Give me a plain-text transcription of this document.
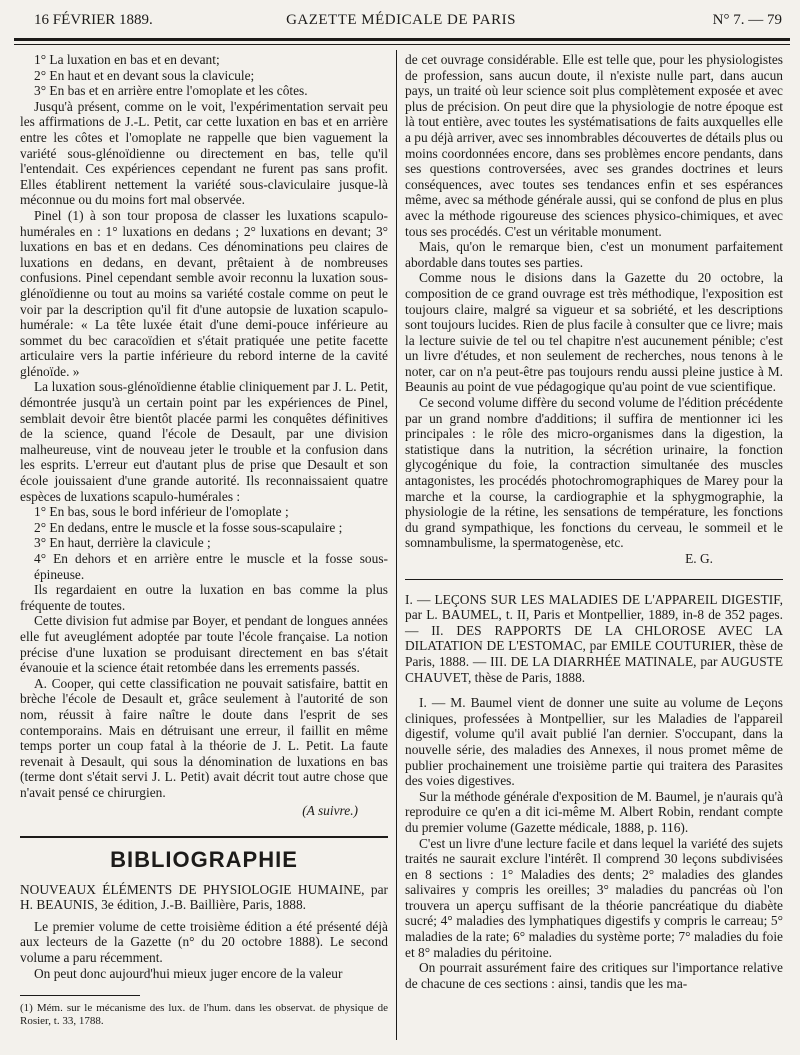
16 FÉVRIER 1889.	GAZETTE MÉDICALE DE PARIS	N° 7. — 79

1° La luxation en bas et en devant;

2° En haut et en devant sous la clavicule;

3° En bas et en arrière entre l'omoplate et les côtes.

Jusqu'à présent, comme on le voit, l'expérimentation servait peu les affirmations de J.-L. Petit, car cette luxation en bas et en arrière entre les côtes et l'omoplate ne rappelle que bien vaguement la variété sous-glénoïdienne ou directement en bas, telle qu'il l'entendait. Ces expériences cependant ne furent pas sans profit. Elles établirent nettement la variété sous-claviculaire jusque-là méconnue ou du moins fort mal observée.

Pinel (1) à son tour proposa de classer les luxations scapulo-humérales en : 1° luxations en dedans ; 2° luxations en devant; 3° luxations en bas et en dedans. Ces dénominations peu claires de luxations en dedans, en devant, prêtaient à de nombreuses confusions. Pinel cependant semble avoir reconnu la luxation sous-glénoïdienne ou tout au moins sa variété costale comme on peut le voir par la description qu'il fit d'une autopsie de luxation scapulo-humérale: « La tête luxée était d'une demi-pouce inférieure au sommet du bec caracoïdien et s'était pratiquée une petite facette articulaire vers la partie inférieure du rebord interne de la cavité glénoïde. »

La luxation sous-glénoïdienne établie cliniquement par J. L. Petit, démontrée jusqu'à un certain point par les expériences de Pinel, semblait devoir être bientôt placée parmi les conquêtes définitives de la science, quand l'école de Desault, par une division malheureuse, vint de nouveau jeter le trouble et la confusion dans les esprits. L'erreur eut d'autant plus de prise que Desault et son école jouissaient d'une grande autorité. Ils reconnaissaient quatre espèces de luxations scapulo-humérales :

1° En bas, sous le bord inférieur de l'omoplate ;

2° En dedans, entre le muscle et la fosse sous-scapulaire ;

3° En haut, derrière la clavicule ;

4° En dehors et en arrière entre le muscle et la fosse sous-épineuse.

Ils regardaient en outre la luxation en bas comme la plus fréquente de toutes.

Cette division fut admise par Boyer, et pendant de longues années elle fut aveuglément adoptée par toute l'école française. La notion précise d'une luxation se produisant directement en bas s'était évanouie et la science était retombée dans les errements passés.

A. Cooper, qui cette classification ne pouvait satisfaire, battit en brèche l'école de Desault et, grâce seulement à l'autorité de son nom, réussit à faire naître le doute dans l'esprit de ses contemporains. Mais en détruisant une erreur, il faillit en même temps porter un coup fatal à la théorie de J. L. Petit. La faute revenait à Desault, qui sous la dénomination de luxations en bas (terme dont s'était servi J. L. Petit) avait décrit tout autre chose que n'avait pensé ce chirurgien.

(A suivre.)

BIBLIOGRAPHIE

NOUVEAUX ÉLÉMENTS DE PHYSIOLOGIE HUMAINE, par H. BEAUNIS, 3e édition, J.-B. Baillière, Paris, 1888.

Le premier volume de cette troisième édition a été présenté déjà aux lecteurs de la Gazette (n° du 20 octobre 1888). Le second volume a paru récemment.

On peut donc aujourd'hui mieux juger encore de la valeur

(1) Mém. sur le mécanisme des lux. de l'hum. dans les observat. de physique de Rosier, t. 33, 1788.

de cet ouvrage considérable. Elle est telle que, pour les physiologistes de profession, sans aucun doute, il n'existe nulle part, dans aucun pays, un traité où leur science soit plus complètement exposée et avec plus de précision. On peut dire que la physiologie de notre époque est là tout entière, avec toutes les systématisations de faits auxquelles elle a pu déjà arriver, avec ses innombrables découvertes de détails plus ou moins coordonnées encore, dans ses problèmes encore pendants, dans ses questions controversées, avec ses grandes doctrines et leurs conséquences, avec toutes ses tendances enfin et ses espérances même, avec sa méthode générale aussi, qui se confond de plus en plus avec la méthode rigoureuse des sciences physico-chimiques, et avec tous ses procédés. C'est un véritable monument.

Mais, qu'on le remarque bien, c'est un monument parfaitement abordable dans toutes ses parties.

Comme nous le disions dans la Gazette du 20 octobre, la composition de ce grand ouvrage est très méthodique, l'exposition est toujours claire, malgré sa vigueur et sa sobriété, et les descriptions sont toujours lucides. Rien de plus facile à consulter que ce livre; mais la lecture suivie de tel ou tel chapitre n'est aucunement pénible; c'est un livre d'études, et non seulement de recherches, nous tenons à le noter, car on n'a peut-être pas toujours rendu aussi pleine justice à M. Beaunis au point de vue pédagogique qu'au point de vue scientifique.

Ce second volume diffère du second volume de l'édition précédente par un grand nombre d'additions; il suffira de mentionner ici les principales : le rôle des micro-organismes dans la digestion, la statistique dans la nutrition, la sécrétion urinaire, la fonction glycogénique du foie, la contraction simultanée des muscles antagonistes, les procédés photochromographiques de Marey pour la marche et la course, la cardiographie et la sphygmographie, la physiologie de la rétine, les sensations de température, les fonctions du grand sympathique, les fonctions du cerveau, le sommeil et le somnambulisme, la spermatogenèse, etc.

E. G.

I. — LEÇONS SUR LES MALADIES DE L'APPAREIL DIGESTIF, par L. BAUMEL, t. II, Paris et Montpellier, 1889, in-8 de 352 pages. — II. DES RAPPORTS DE LA CHLOROSE AVEC LA DILATATION DE L'ESTOMAC, par EMILE COUTURIER, thèse de Paris, 1888. — III. DE LA DIARRHÉE MATINALE, par AUGUSTE CHAUVET, thèse de Paris, 1888.

I. — M. Baumel vient de donner une suite au volume de Leçons cliniques, professées à Montpellier, sur les Maladies de l'appareil digestif, volume qu'il avait publié l'an dernier. S'occupant, dans la nouvelle série, des maladies des Annexes, il nous promet même de publier prochainement une troisième partie qui traitera des Parasites des voies digestives.

Sur la méthode générale d'exposition de M. Baumel, je n'aurais qu'à reproduire ce qu'en a dit ici-même M. Albert Robin, rendant compte du premier volume (Gazette médicale, 1888, p. 116).

C'est un livre d'une lecture facile et dans lequel la variété des sujets traités ne saurait exclure l'intérêt. Il comprend 30 leçons subdivisées en 8 sections : 1° Maladies des dents; 2° maladies des glandes salivaires y compris les oreilles; 3° maladies du pancréas où l'on trouvera un aperçu suffisant de la théorie pancréatique du diabète sucré; 4° maladies des lymphatiques digestifs y compris le carreau; 5° maladies de la rate; 6° maladies du système porte; 7° maladies du foie et 8° maladies du péritoine.

On pourrait assurément faire des critiques sur l'importance relative de chacune de ces sections : ainsi, tandis que les ma-
